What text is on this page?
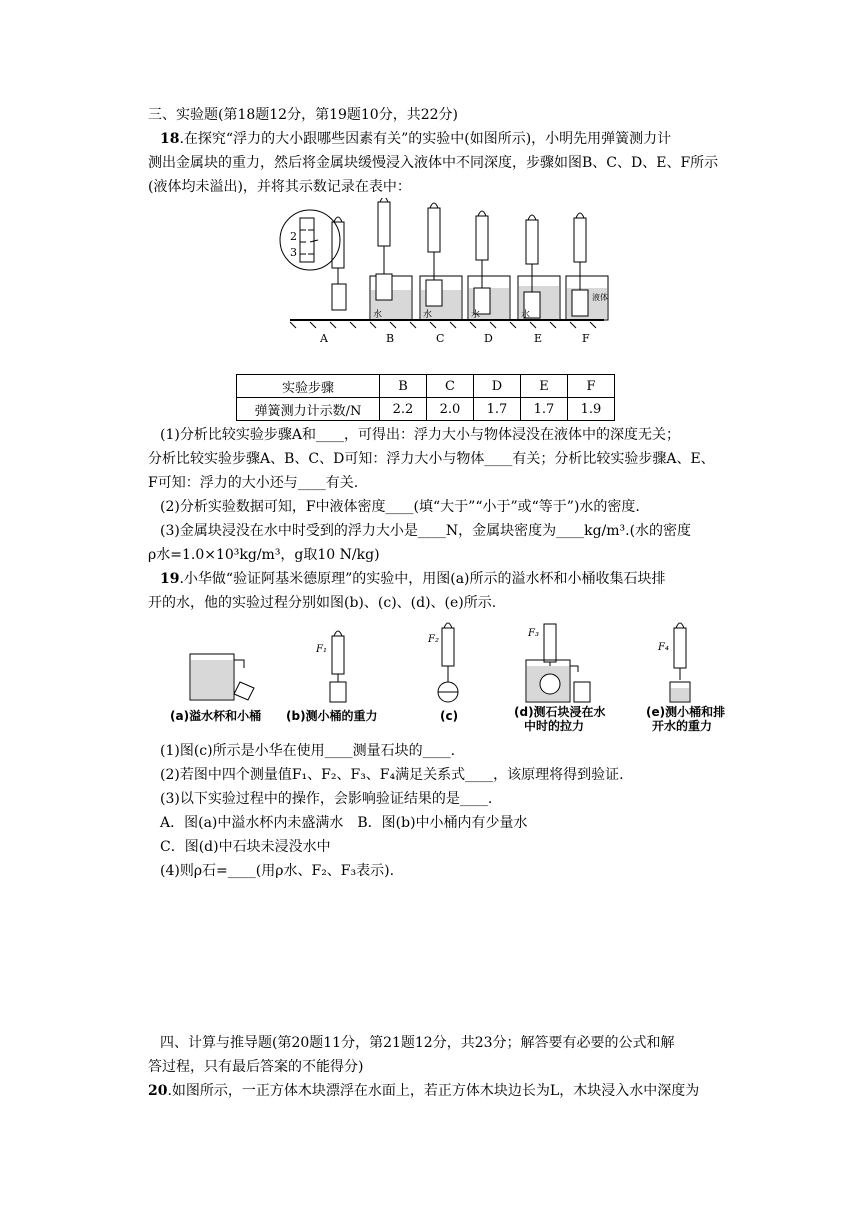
三、实验题(第18题12分，第19题10分，共22分)
18.在探究“浮力的大小跟哪些因素有关”的实验中(如图所示)，小明先用弹簧测力计
测出金属块的重力，然后将金属块缓慢浸入液体中不同深度，步骤如图B、C、D、E、F所示
(液体均未溢出)，并将其示数记录在表中：
2
3
水	水	水	水
液体
A	B	C	D	E	F
实验步骤	B	C	D	E	F
弹簧测力计示数/N	2.2	2.0	1.7	1.7	1.9
(1)分析比较实验步骤A和____，可得出：浮力大小与物体浸没在液体中的深度无关；
分析比较实验步骤A、B、C、D可知：浮力大小与物体____有关；分析比较实验步骤A、E、
F可知：浮力的大小还与____有关.
(2)分析实验数据可知，F中液体密度____(填“大于”“小于”或“等于”)水的密度.
(3)金属块浸没在水中时受到的浮力大小是____N，金属块密度为____kg/m³.(水的密度
ρ水=1.0×10³kg/m³，g取10 N/kg)
19.小华做“验证阿基米德原理”的实验中，用图(a)所示的溢水杯和小桶收集石块排
开的水，他的实验过程分别如图(b)、(c)、(d)、(e)所示.
F₁
F₂
F₃
F₄
(a)溢水杯和小桶 (b)测小桶的重力	(c)	(d)测石块浸在水
中时的拉力
(e)测小桶和排
开水的重力
(1)图(c)所示是小华在使用____测量石块的____.
(2)若图中四个测量值F₁、F₂、F₃、F₄满足关系式____，该原理将得到验证.
(3)以下实验过程中的操作，会影响验证结果的是____.
A．图(a)中溢水杯内未盛满水　B．图(b)中小桶内有少量水
C．图(d)中石块未浸没水中
(4)则ρ石=____(用ρ水、F₂、F₃表示).
四、计算与推导题(第20题11分，第21题12分，共23分；解答要有必要的公式和解
答过程，只有最后答案的不能得分)
20.如图所示，一正方体木块漂浮在水面上，若正方体木块边长为L，木块浸入水中深度为
